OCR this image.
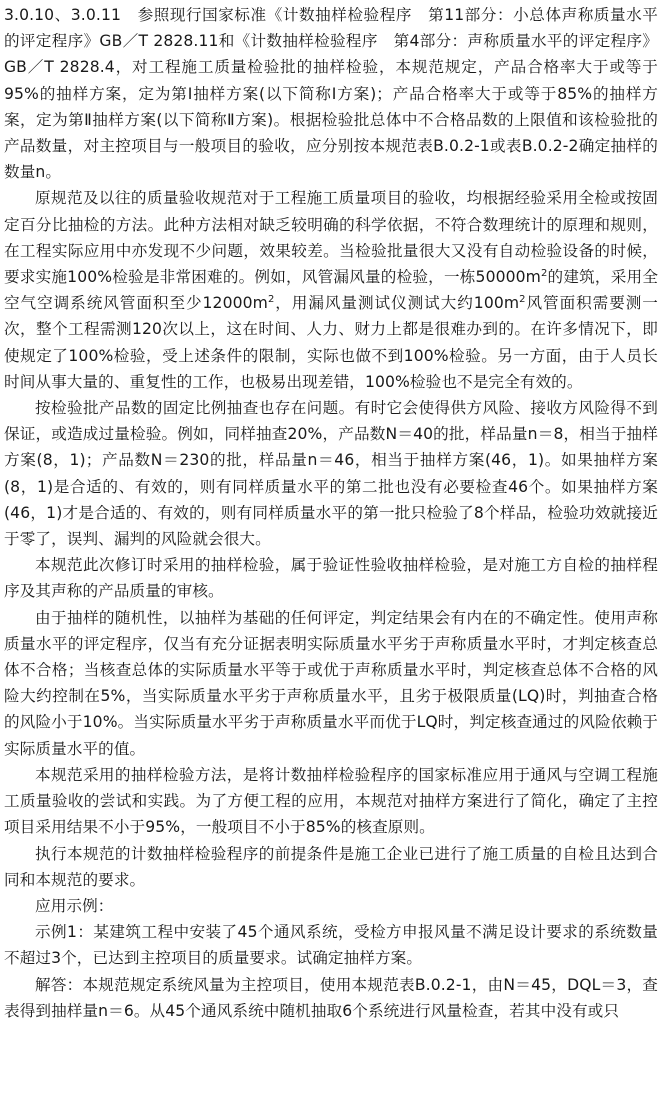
3.0.10、3.0.11　参照现行国家标准《计数抽样检验程序　第11部分：小总体声称质量水平的评定程序》GB／T 2828.11和《计数抽样检验程序　第4部分：声称质量水平的评定程序》GB／T 2828.4，对工程施工质量检验批的抽样检验，本规范规定，产品合格率大于或等于95%的抽样方案，定为第Ⅰ抽样方案(以下简称Ⅰ方案)；产品合格率大于或等于85%的抽样方案，定为第Ⅱ抽样方案(以下简称Ⅱ方案)。根据检验批总体中不合格品数的上限值和该检验批的产品数量，对主控项目与一般项目的验收，应分别按本规范表B.0.2-1或表B.0.2-2确定抽样的数量n。

原规范及以往的质量验收规范对于工程施工质量项目的验收，均根据经验采用全检或按固定百分比抽检的方法。此种方法相对缺乏较明确的科学依据，不符合数理统计的原理和规则，在工程实际应用中亦发现不少问题，效果较差。当检验批量很大又没有自动检验设备的时候，要求实施100%检验是非常困难的。例如，风管漏风量的检验，一栋$50000m^2$的建筑，采用全空气空调系统风管面积至少$12000m^2$，用漏风量测试仪测试大约$100m^2$风管面积需要测一次，整个工程需测120次以上，这在时间、人力、财力上都是很难办到的。在许多情况下，即使规定了100%检验，受上述条件的限制，实际也做不到100%检验。另一方面，由于人员长时间从事大量的、重复性的工作，也极易出现差错，100%检验也不是完全有效的。

按检验批产品数的固定比例抽查也存在问题。有时它会使得供方风险、接收方风险得不到保证，或造成过量检验。例如，同样抽查20%，产品数N＝40的批，样品量n＝8，相当于抽样方案(8，1)；产品数N＝230的批，样品量n＝46，相当于抽样方案(46，1)。如果抽样方案(8，1)是合适的、有效的，则有同样质量水平的第二批也没有必要检查46个。如果抽样方案(46，1)才是合适的、有效的，则有同样质量水平的第一批只检验了8个样品，检验功效就接近于零了，误判、漏判的风险就会很大。

本规范此次修订时采用的抽样检验，属于验证性验收抽样检验，是对施工方自检的抽样程序及其声称的产品质量的审核。

由于抽样的随机性，以抽样为基础的任何评定，判定结果会有内在的不确定性。使用声称质量水平的评定程序，仅当有充分证据表明实际质量水平劣于声称质量水平时，才判定核查总体不合格；当核查总体的实际质量水平等于或优于声称质量水平时，判定核查总体不合格的风险大约控制在5%，当实际质量水平劣于声称质量水平，且劣于极限质量(LQ)时，判抽查合格的风险小于10%。当实际质量水平劣于声称质量水平而优于LQ时，判定核查通过的风险依赖于实际质量水平的值。

本规范采用的抽样检验方法，是将计数抽样检验程序的国家标准应用于通风与空调工程施工质量验收的尝试和实践。为了方便工程的应用，本规范对抽样方案进行了简化，确定了主控项目采用结果不小于95%，一般项目不小于85%的核查原则。

执行本规范的计数抽样检验程序的前提条件是施工企业已进行了施工质量的自检且达到合同和本规范的要求。

应用示例：

示例1：某建筑工程中安装了45个通风系统，受检方申报风量不满足设计要求的系统数量不超过3个，已达到主控项目的质量要求。试确定抽样方案。

解答：本规范规定系统风量为主控项目，使用本规范表B.0.2-1，由N＝45，DQL＝3，查表得到抽样量n＝6。从45个通风系统中随机抽取6个系统进行风量检查，若其中没有或只
